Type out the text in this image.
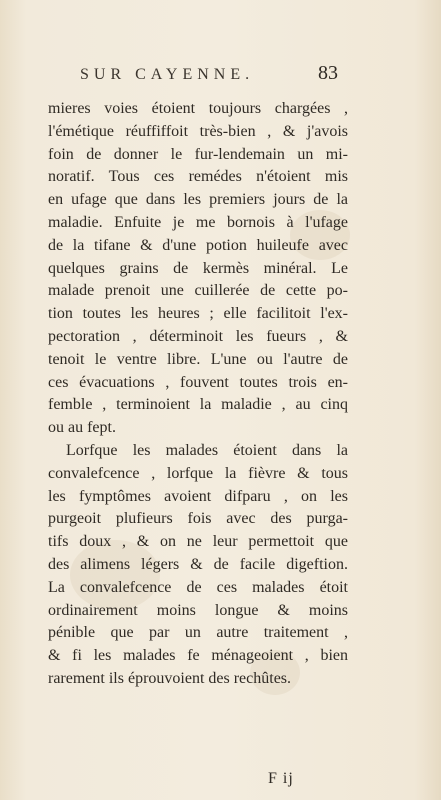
SUR CAYENNE.	83
mieres voies étoient toujours chargées ,
l'émétique réuffiffoit très-bien , & j'avois
foin de donner le fur-lendemain un mi-
noratif. Tous ces remédes n'étoient mis
en ufage que dans les premiers jours de la
maladie. Enfuite je me bornois à l'ufage
de la tifane & d'une potion huileufe avec
quelques grains de kermès minéral. Le
malade prenoit une cuillerée de cette po-
tion toutes les heures ; elle facilitoit l'ex-
pectoration , déterminoit les fueurs , &
tenoit le ventre libre. L'une ou l'autre de
ces évacuations , fouvent toutes trois en-
femble , terminoient la maladie , au cinq
ou au fept.
Lorfque les malades étoient dans la
convalefcence , lorfque la fièvre & tous
les fymptômes avoient difparu , on les
purgeoit plufieurs fois avec des purga-
tifs doux , & on ne leur permettoit que
des alimens légers & de facile digeftion.
La convalefcence de ces malades étoit
ordinairement moins longue & moins
pénible que par un autre traitement ,
& fi les malades fe ménageoient , bien
rarement ils éprouvoient des rechûtes.
F ij
